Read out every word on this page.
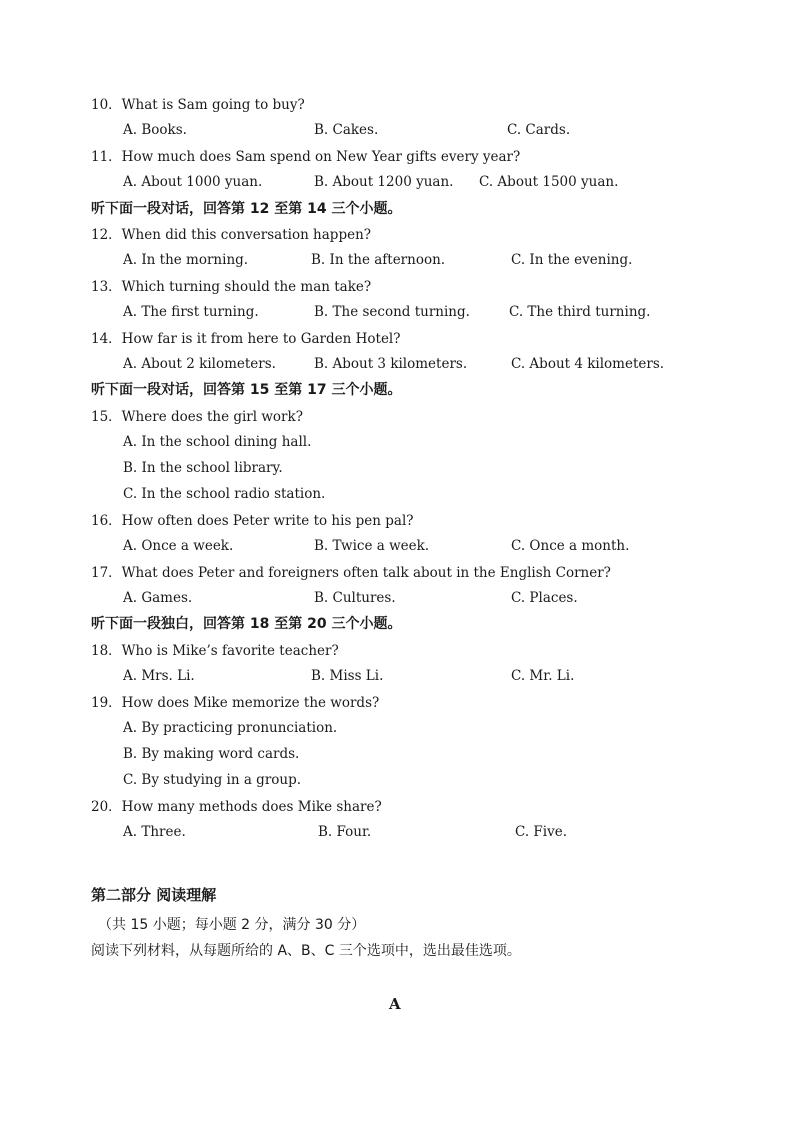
10．What is Sam going to buy?
A. Books.	B. Cakes.	C. Cards.
11．How much does Sam spend on New Year gifts every year?
A. About 1000 yuan.	B. About 1200 yuan. C. About 1500 yuan.
听下面一段对话，回答第 12 至第 14 三个小题。
12．When did this conversation happen?
A. In the morning.	B. In the afternoon.	C. In the evening.
13．Which turning should the man take?
A. The first turning.	B. The second turning.	C. The third turning.
14．How far is it from here to Garden Hotel?
A. About 2 kilometers.	B. About 3 kilometers.	C. About 4 kilometers.
听下面一段对话，回答第 15 至第 17 三个小题。
15．Where does the girl work?
A. In the school dining hall.
B. In the school library.
C. In the school radio station.
16．How often does Peter write to his pen pal?
A. Once a week.	B. Twice a week.	C. Once a month.
17．What does Peter and foreigners often talk about in the English Corner?
A. Games.	B. Cultures.	C. Places.
听下面一段独白，回答第 18 至第 20 三个小题。
18．Who is Mike’s favorite teacher?
A. Mrs. Li.	B. Miss Li.	C. Mr. Li.
19．How does Mike memorize the words?
A. By practicing pronunciation.
B. By making word cards.
C. By studying in a group.
20．How many methods does Mike share?
A. Three.	B. Four.	C. Five.
第二部分 阅读理解
（共 15 小题；每小题 2 分，满分 30 分）
阅读下列材料，从每题所给的 A、B、C 三个选项中，选出最佳选项。
A
